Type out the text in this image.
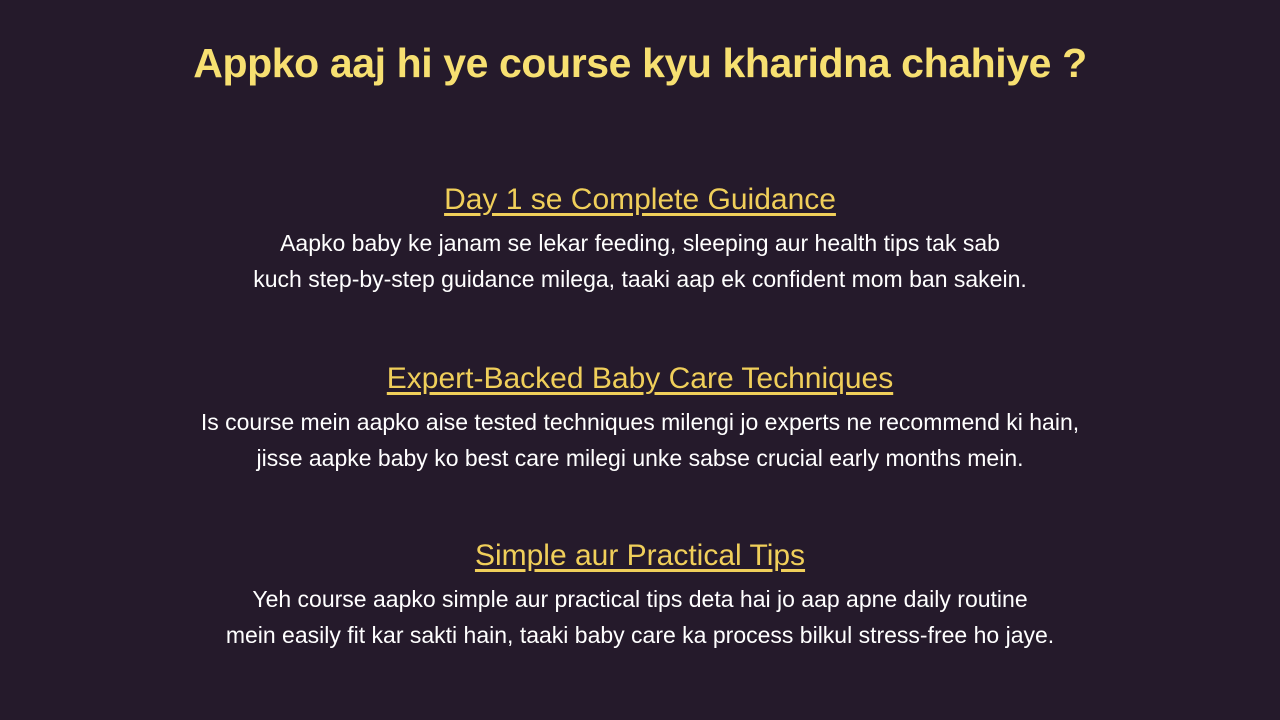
Appko aaj hi ye course kyu kharidna chahiye ?
Day 1 se Complete Guidance
Aapko baby ke janam se lekar feeding, sleeping aur health tips tak sab
kuch step-by-step guidance milega, taaki aap ek confident mom ban sakein.
Expert-Backed Baby Care Techniques
Is course mein aapko aise tested techniques milengi jo experts ne recommend ki hain,
jisse aapke baby ko best care milegi unke sabse crucial early months mein.
Simple aur Practical Tips
Yeh course aapko simple aur practical tips deta hai jo aap apne daily routine
mein easily fit kar sakti hain, taaki baby care ka process bilkul stress-free ho jaye.
